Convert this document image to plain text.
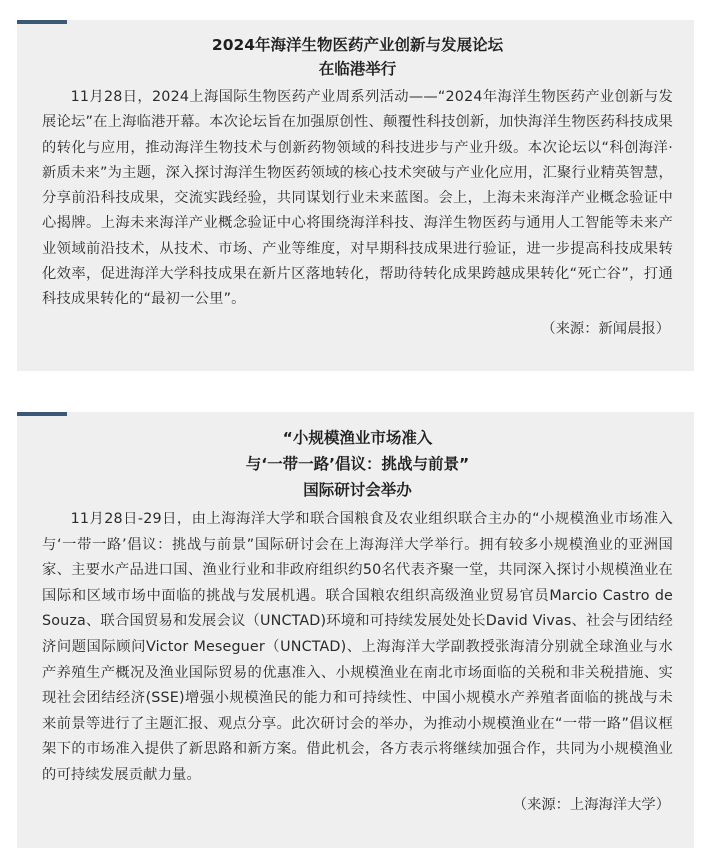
2024年海洋生物医药产业创新与发展论坛
在临港举行

11月28日，2024上海国际生物医药产业周系列活动——“2024年海洋生物医药产业创新与发展论坛”在上海临港开幕。本次论坛旨在加强原创性、颠覆性科技创新，加快海洋生物医药科技成果的转化与应用，推动海洋生物技术与创新药物领域的科技进步与产业升级。本次论坛以“科创海洋·新质未来”为主题，深入探讨海洋生物医药领域的核心技术突破与产业化应用，汇聚行业精英智慧，分享前沿科技成果，交流实践经验，共同谋划行业未来蓝图。会上，上海未来海洋产业概念验证中心揭牌。上海未来海洋产业概念验证中心将围绕海洋科技、海洋生物医药与通用人工智能等未来产业领域前沿技术，从技术、市场、产业等维度，对早期科技成果进行验证，进一步提高科技成果转化效率，促进海洋大学科技成果在新片区落地转化，帮助待转化成果跨越成果转化“死亡谷”，打通科技成果转化的“最初一公里”。

（来源：新闻晨报）

“小规模渔业市场准入
与‘一带一路’倡议：挑战与前景”
国际研讨会举办

11月28日-29日，由上海海洋大学和联合国粮食及农业组织联合主办的“小规模渔业市场准入与‘一带一路’倡议：挑战与前景”国际研讨会在上海海洋大学举行。拥有较多小规模渔业的亚洲国家、主要水产品进口国、渔业行业和非政府组织约50名代表齐聚一堂，共同深入探讨小规模渔业在国际和区域市场中面临的挑战与发展机遇。联合国粮农组织高级渔业贸易官员Marcio Castro de Souza、联合国贸易和发展会议（UNCTAD)环境和可持续发展处处长David Vivas、社会与团结经济问题国际顾问Victor Meseguer（UNCTAD)、上海海洋大学副教授张海清分别就全球渔业与水产养殖生产概况及渔业国际贸易的优惠准入、小规模渔业在南北市场面临的关税和非关税措施、实现社会团结经济(SSE)增强小规模渔民的能力和可持续性、中国小规模水产养殖者面临的挑战与未来前景等进行了主题汇报、观点分享。此次研讨会的举办，为推动小规模渔业在“一带一路”倡议框架下的市场准入提供了新思路和新方案。借此机会，各方表示将继续加强合作，共同为小规模渔业的可持续发展贡献力量。

（来源：上海海洋大学）
